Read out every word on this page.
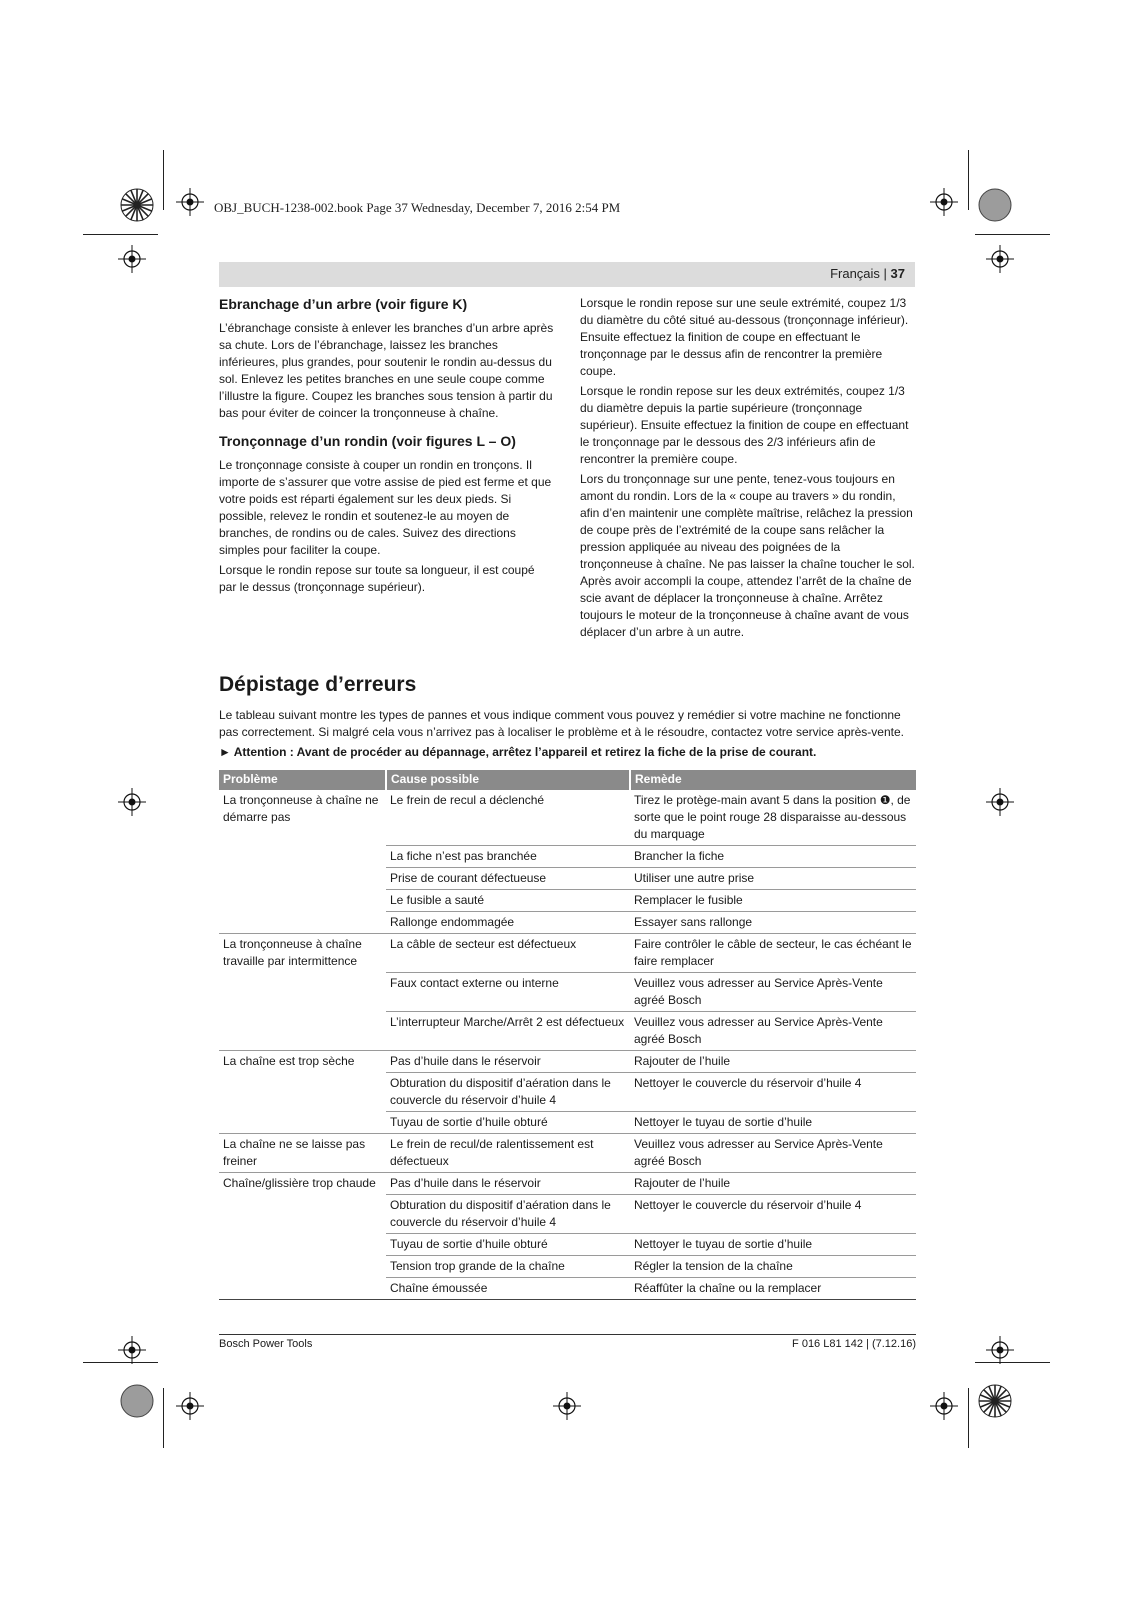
OBJ_BUCH-1238-002.book Page 37 Wednesday, December 7, 2016 2:54 PM
Français | 37
Ebranchage d’un arbre (voir figure K)

L’ébranchage consiste à enlever les branches d’un arbre après sa chute. Lors de l’ébranchage, laissez les branches inférieures, plus grandes, pour soutenir le rondin au-dessus du sol. Enlevez les petites branches en une seule coupe comme l’illustre la figure. Coupez les branches sous tension à partir du bas pour éviter de coincer la tronçonneuse à chaîne.

Tronçonnage d’un rondin (voir figures L – O)

Le tronçonnage consiste à couper un rondin en tronçons. Il importe de s’assurer que votre assise de pied est ferme et que votre poids est réparti également sur les deux pieds. Si possible, relevez le rondin et soutenez-le au moyen de branches, de rondins ou de cales. Suivez des directions simples pour faciliter la coupe.

Lorsque le rondin repose sur toute sa longueur, il est coupé par le dessus (tronçonnage supérieur).

Lorsque le rondin repose sur une seule extrémité, coupez 1/3 du diamètre du côté situé au-dessous (tronçonnage inférieur). Ensuite effectuez la finition de coupe en effectuant le tronçonnage par le dessus afin de rencontrer la première coupe.

Lorsque le rondin repose sur les deux extrémités, coupez 1/3 du diamètre depuis la partie supérieure (tronçonnage supérieur). Ensuite effectuez la finition de coupe en effectuant le tronçonnage par le dessous des 2/3 inférieurs afin de rencontrer la première coupe.

Lors du tronçonnage sur une pente, tenez-vous toujours en amont du rondin. Lors de la « coupe au travers » du rondin, afin d’en maintenir une complète maîtrise, relâchez la pression de coupe près de l’extrémité de la coupe sans relâcher la pression appliquée au niveau des poignées de la tronçonneuse à chaîne. Ne pas laisser la chaîne toucher le sol. Après avoir accompli la coupe, attendez l’arrêt de la chaîne de scie avant de déplacer la tronçonneuse à chaîne. Arrêtez toujours le moteur de la tronçonneuse à chaîne avant de vous déplacer d’un arbre à un autre.

Dépistage d’erreurs

Le tableau suivant montre les types de pannes et vous indique comment vous pouvez y remédier si votre machine ne fonctionne pas correctement. Si malgré cela vous n’arrivez pas à localiser le problème et à le résoudre, contactez votre service après-vente.

► Attention : Avant de procéder au dépannage, arrêtez l’appareil et retirez la fiche de la prise de courant.

Problème	Cause possible	Remède
La tronçonneuse à chaîne ne démarre pas	Le frein de recul a déclenché	Tirez le protège-main avant 5 dans la position ❶, de sorte que le point rouge 28 disparaisse au-dessous du marquage
	La fiche n’est pas branchée	Brancher la fiche
	Prise de courant défectueuse	Utiliser une autre prise
	Le fusible a sauté	Remplacer le fusible
	Rallonge endommagée	Essayer sans rallonge
La tronçonneuse à chaîne travaille par intermittence	La câble de secteur est défectueux	Faire contrôler le câble de secteur, le cas échéant le faire remplacer
	Faux contact externe ou interne	Veuillez vous adresser au Service Après-Vente agréé Bosch
	L’interrupteur Marche/Arrêt 2 est défectueux	Veuillez vous adresser au Service Après-Vente agréé Bosch
La chaîne est trop sèche	Pas d’huile dans le réservoir	Rajouter de l’huile
	Obturation du dispositif d’aération dans le couvercle du réservoir d’huile 4	Nettoyer le couvercle du réservoir d’huile 4
	Tuyau de sortie d’huile obturé	Nettoyer le tuyau de sortie d’huile
La chaîne ne se laisse pas freiner	Le frein de recul/de ralentissement est défectueux	Veuillez vous adresser au Service Après-Vente agréé Bosch
Chaîne/glissière trop chaude	Pas d’huile dans le réservoir	Rajouter de l’huile
	Obturation du dispositif d’aération dans le couvercle du réservoir d’huile 4	Nettoyer le couvercle du réservoir d’huile 4
	Tuyau de sortie d’huile obturé	Nettoyer le tuyau de sortie d’huile
	Tension trop grande de la chaîne	Régler la tension de la chaîne
	Chaîne émoussée	Réaffûter la chaîne ou la remplacer
Bosch Power Tools	F 016 L81 142 | (7.12.16)
